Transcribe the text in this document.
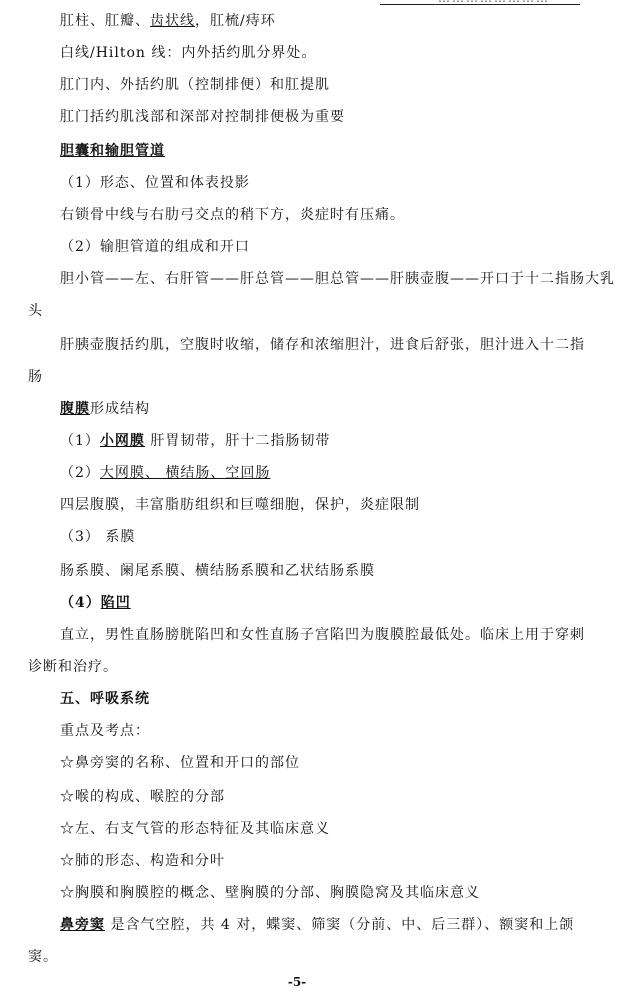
肛柱、肛瓣、齿状线，肛梳/痔环
白线/Hilton 线：内外括约肌分界处。
肛门内、外括约肌（控制排便）和肛提肌
肛门括约肌浅部和深部对控制排便极为重要
胆囊和输胆管道
（1）形态、位置和体表投影
右锁骨中线与右肋弓交点的稍下方，炎症时有压痛。
（2）输胆管道的组成和开口
胆小管——左、右肝管——肝总管——胆总管——肝胰壶腹——开口于十二指肠大乳
头
肝胰壶腹括约肌，空腹时收缩，储存和浓缩胆汁，进食后舒张，胆汁进入十二指
肠
腹膜形成结构
（1）小网膜 肝胃韧带，肝十二指肠韧带
（2）大网膜、 横结肠、空回肠
四层腹膜，丰富脂肪组织和巨噬细胞，保护，炎症限制
（3） 系膜
肠系膜、阑尾系膜、横结肠系膜和乙状结肠系膜
（4）陷凹
直立，男性直肠膀胱陷凹和女性直肠子宫陷凹为腹膜腔最低处。临床上用于穿刺
诊断和治疗。
五、呼吸系统
重点及考点：
☆鼻旁窦的名称、位置和开口的部位
☆喉的构成、喉腔的分部
☆左、右支气管的形态特征及其临床意义
☆肺的形态、构造和分叶
☆胸膜和胸膜腔的概念、壁胸膜的分部、胸膜隐窝及其临床意义
鼻旁窦 是含气空腔，共 4 对，蝶窦、筛窦（分前、中、后三群）、额窦和上颌
窦。
-5-
